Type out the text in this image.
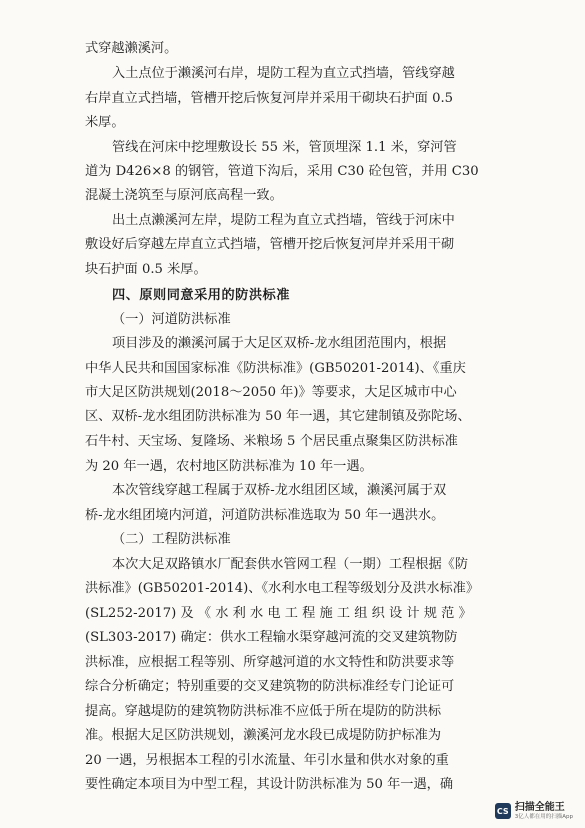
式穿越濑溪河。
入土点位于濑溪河右岸，堤防工程为直立式挡墙，管线穿越
右岸直立式挡墙，管槽开挖后恢复河岸并采用干砌块石护面 0.5
米厚。
管线在河床中挖埋敷设长 55 米，管顶埋深 1.1 米，穿河管
道为 D426×8 的钢管，管道下沟后，采用 C30 砼包管，并用 C30
混凝土浇筑至与原河底高程一致。
出土点濑溪河左岸，堤防工程为直立式挡墙，管线于河床中
敷设好后穿越左岸直立式挡墙，管槽开挖后恢复河岸并采用干砌
块石护面 0.5 米厚。
四、原则同意采用的防洪标准
（一）河道防洪标准
项目涉及的濑溪河属于大足区双桥-龙水组团范围内，根据
中华人民共和国国家标准《防洪标准》(GB50201-2014)、《重庆
市大足区防洪规划(2018～2050 年)》等要求，大足区城市中心
区、双桥-龙水组团防洪标准为 50 年一遇，其它建制镇及弥陀场、
石牛村、天宝场、复隆场、米粮场 5 个居民重点聚集区防洪标准
为 20 年一遇，农村地区防洪标准为 10 年一遇。
本次管线穿越工程属于双桥-龙水组团区域，濑溪河属于双
桥-龙水组团境内河道，河道防洪标准选取为 50 年一遇洪水。
（二）工程防洪标准
本次大足双路镇水厂配套供水管网工程（一期）工程根据《防
洪标准》(GB50201-2014)、《水利水电工程等级划分及洪水标准》
(SL252-2017) 及 《 水 利 水 电 工 程 施 工 组 织 设 计 规 范 》
(SL303-2017) 确定：供水工程输水渠穿越河流的交叉建筑物防
洪标准，应根据工程等别、所穿越河道的水文特性和防洪要求等
综合分析确定；特别重要的交叉建筑物的防洪标准经专门论证可
提高。穿越堤防的建筑物防洪标准不应低于所在堤防的防洪标
准。根据大足区防洪规划，濑溪河龙水段已成堤防防护标准为
20 一遇，另根据本工程的引水流量、年引水量和供水对象的重
要性确定本项目为中型工程，其设计防洪标准为 50 年一遇，确
CS 扫描全能王
3亿人都在用的扫描App
